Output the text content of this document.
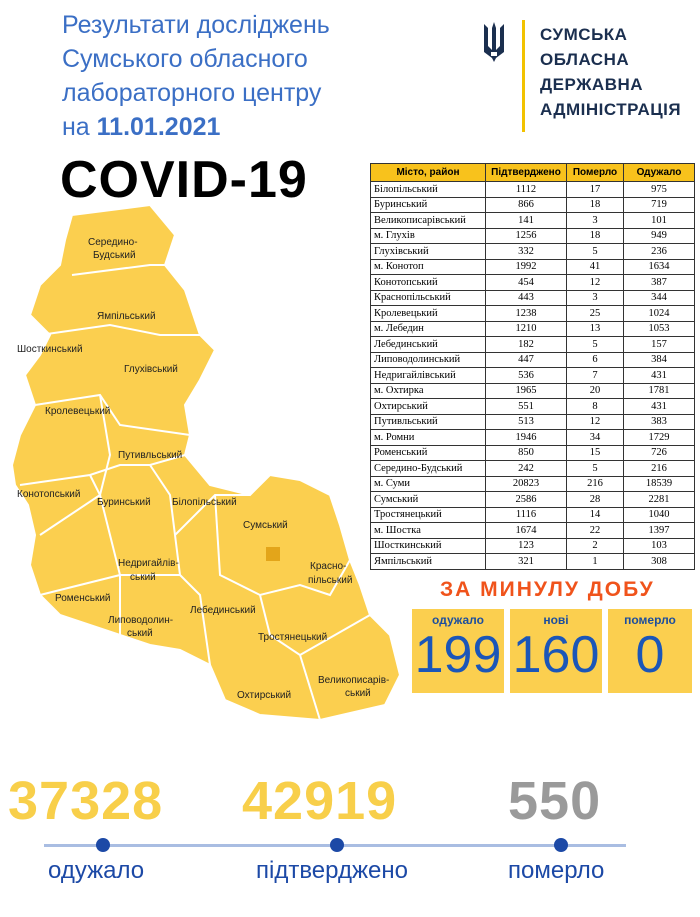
Результати досліджень
Сумського обласного
лабораторного центру
на 11.01.2021
COVID-19
СУМСЬКА
ОБЛАСНА
ДЕРЖАВНА
АДМІНІСТРАЦІЯ
Середино-
Будський
Ямпільський
Шосткинський
Глухівський
Кролевецький
Путивльський
Конотопський
Буринський Білопільський
Сумський
Недригайлів-
ський
Красно-
пільський
Роменський
Липоводолин-
ський
Лебединський
Тростянецький
Великописарів-
ський
Охтирський
Місто, район	Підтверджено	Померло	Одужало
Білопільський	1112	17	975
Буринський	866	18	719
Великописарівський	141	3	101
м. Глухів	1256	18	949
Глухівський	332	5	236
м. Конотоп	1992	41	1634
Конотопський	454	12	387
Краснопільський	443	3	344
Кролевецький	1238	25	1024
м. Лебедин	1210	13	1053
Лебединський	182	5	157
Липоводолинський	447	6	384
Недригайлівський	536	7	431
м. Охтирка	1965	20	1781
Охтирський	551	8	431
Путивльський	513	12	383
м. Ромни	1946	34	1729
Роменський	850	15	726
Середино-Будський	242	5	216
м. Суми	20823	216	18539
Сумський	2586	28	2281
Тростянецький	1116	14	1040
м. Шостка	1674	22	1397
Шосткинський	123	2	103
Ямпільський	321	1	308
ЗА МИНУЛУ ДОБУ
одужало
199
нові
160
померло
0
37328 42919 550
одужало	підтверджено	померло
